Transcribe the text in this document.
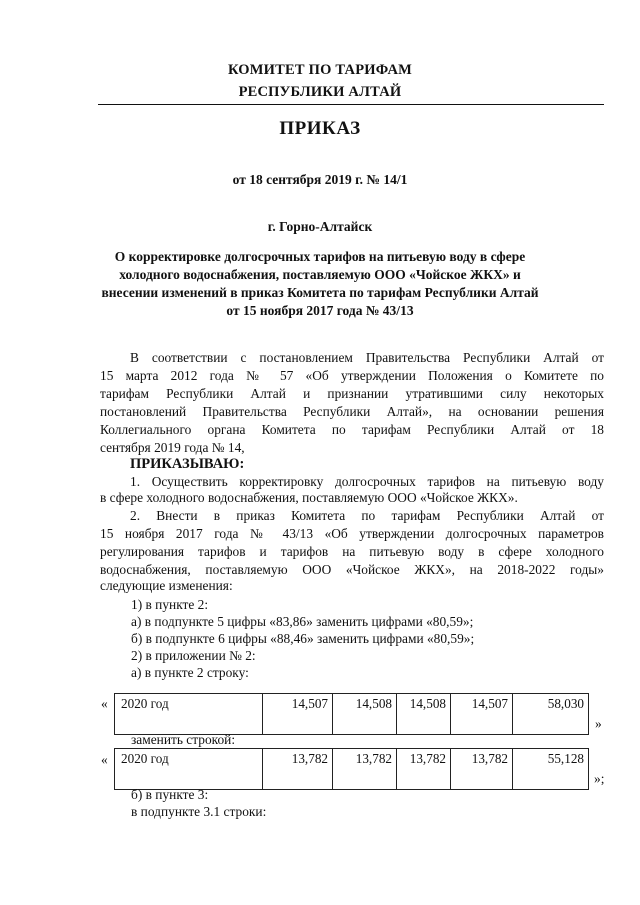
КОМИТЕТ ПО ТАРИФАМ
РЕСПУБЛИКИ АЛТАЙ
ПРИКАЗ
от 18 сентября 2019 г. № 14/1
г. Горно-Алтайск
О корректировке долгосрочных тарифов на питьевую воду в сфере
холодного водоснабжения, поставляемую ООО «Чойское ЖКХ» и
внесении изменений в приказ Комитета по тарифам Республики Алтай
от 15 ноября 2017 года № 43/13
В соответствии с постановлением Правительства Республики Алтай от
15 марта 2012 года № 57 «Об утверждении Положения о Комитете по
тарифам Республики Алтай и признании утратившими силу некоторых
постановлений Правительства Республики Алтай», на основании решения
Коллегиального органа Комитета по тарифам Республики Алтай от 18
сентября 2019 года № 14,
ПРИКАЗЫВАЮ:
1. Осуществить корректировку долгосрочных тарифов на питьевую воду
в сфере холодного водоснабжения, поставляемую ООО «Чойское ЖКХ».
2. Внести в приказ Комитета по тарифам Республики Алтай от
15 ноября 2017 года № 43/13 «Об утверждении долгосрочных параметров
регулирования тарифов и тарифов на питьевую воду в сфере холодного
водоснабжения, поставляемую ООО «Чойское ЖКХ», на 2018-2022 годы»
следующие изменения:
1) в пункте 2:
а) в подпункте 5 цифры «83,86» заменить цифрами «80,59»;
б) в подпункте 6 цифры «88,46» заменить цифрами «80,59»;
2) в приложении № 2:
а) в пункте 2 строку:
« 2020 год	14,507	14,508	14,508	14,507	58,030
»
заменить строкой:
« 2020 год	13,782	13,782	13,782	13,782	55,128
»;
б) в пункте 3:
в подпункте 3.1 строки:
